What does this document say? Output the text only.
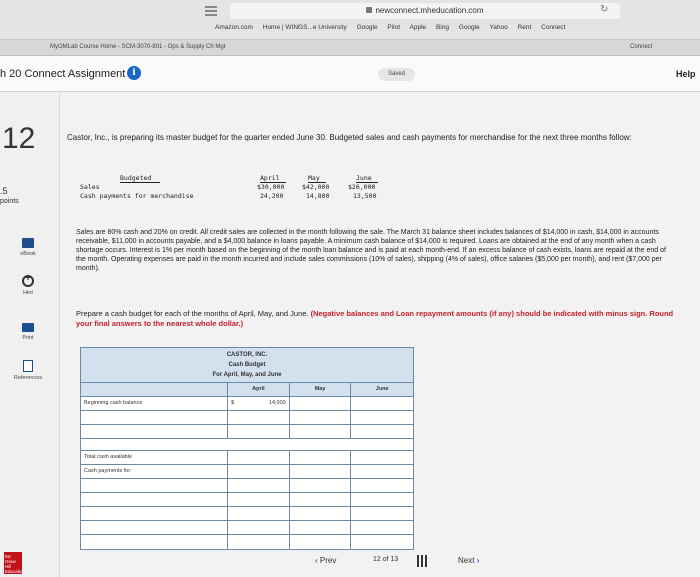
newconnect.mheducation.com	↻
Amazon.com Home | WINGS...e University Google Pilot Apple Bing Google Yahoo Rent Connect
MyOMLab Course Home - SCM-3070-801 - Ops & Supply Ch Mgt	Connect
h 20 Connect Assignment i	Saved	Help
12
.5
points
eBook
+
Hint
Print
References
Mc Graw Hill Education
Castor, Inc., is preparing its master budget for the quarter ended June 30. Budgeted sales and cash payments for merchandise for the next three months follow:
Budgeted	April	May	June
Sales	$30,000	$42,000	$26,000
Cash payments for merchandise	24,200	14,800	13,500
Sales are 80% cash and 20% on credit. All credit sales are collected in the month following the sale. The March 31 balance sheet includes balances of $14,000 in cash, $14,000 in accounts receivable, $11,000 in accounts payable, and a $4,000 balance in loans payable. A minimum cash balance of $14,000 is required. Loans are obtained at the end of any month when a cash shortage occurs. Interest is 1% per month based on the beginning of the month loan balance and is paid at each month-end. If an excess balance of cash exists, loans are repaid at the end of the month. Operating expenses are paid in the month incurred and include sales commissions (10% of sales), shipping (4% of sales), office salaries ($5,000 per month), and rent ($7,000 per month).
Prepare a cash budget for each of the months of April, May, and June. (Negative balances and Loan repayment amounts (if any) should be indicated with minus sign. Round your final answers to the nearest whole dollar.)
CASTOR, INC.
Cash Budget
For April, May, and June
April	May	June
Beginning cash balance	$	14,000
Total cash available
Cash payments for:
‹ Prev	12 of 13	Next ›
